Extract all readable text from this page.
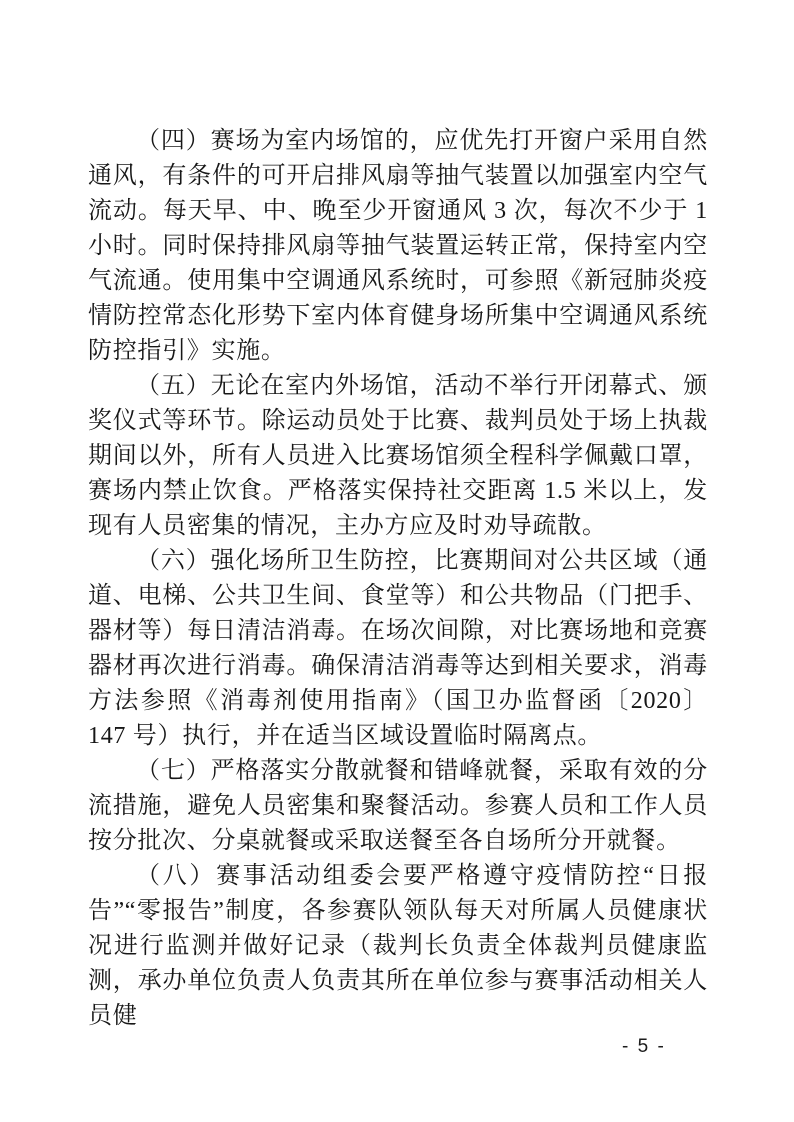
（四）赛场为室内场馆的，应优先打开窗户采用自然通风，有条件的可开启排风扇等抽气装置以加强室内空气流动。每天早、中、晚至少开窗通风 3 次，每次不少于 1 小时。同时保持排风扇等抽气装置运转正常，保持室内空气流通。使用集中空调通风系统时，可参照《新冠肺炎疫情防控常态化形势下室内体育健身场所集中空调通风系统防控指引》实施。

（五）无论在室内外场馆，活动不举行开闭幕式、颁奖仪式等环节。除运动员处于比赛、裁判员处于场上执裁期间以外，所有人员进入比赛场馆须全程科学佩戴口罩，赛场内禁止饮食。严格落实保持社交距离 1.5 米以上，发现有人员密集的情况，主办方应及时劝导疏散。

（六）强化场所卫生防控，比赛期间对公共区域（通道、电梯、公共卫生间、食堂等）和公共物品（门把手、器材等）每日清洁消毒。在场次间隙，对比赛场地和竞赛器材再次进行消毒。确保清洁消毒等达到相关要求，消毒方法参照《消毒剂使用指南》（国卫办监督函〔2020〕147 号）执行，并在适当区域设置临时隔离点。

（七）严格落实分散就餐和错峰就餐，采取有效的分流措施，避免人员密集和聚餐活动。参赛人员和工作人员按分批次、分桌就餐或采取送餐至各自场所分开就餐。

（八）赛事活动组委会要严格遵守疫情防控“日报告”“零报告”制度，各参赛队领队每天对所属人员健康状况进行监测并做好记录（裁判长负责全体裁判员健康监测，承办单位负责人负责其所在单位参与赛事活动相关人员健

- 5 -
